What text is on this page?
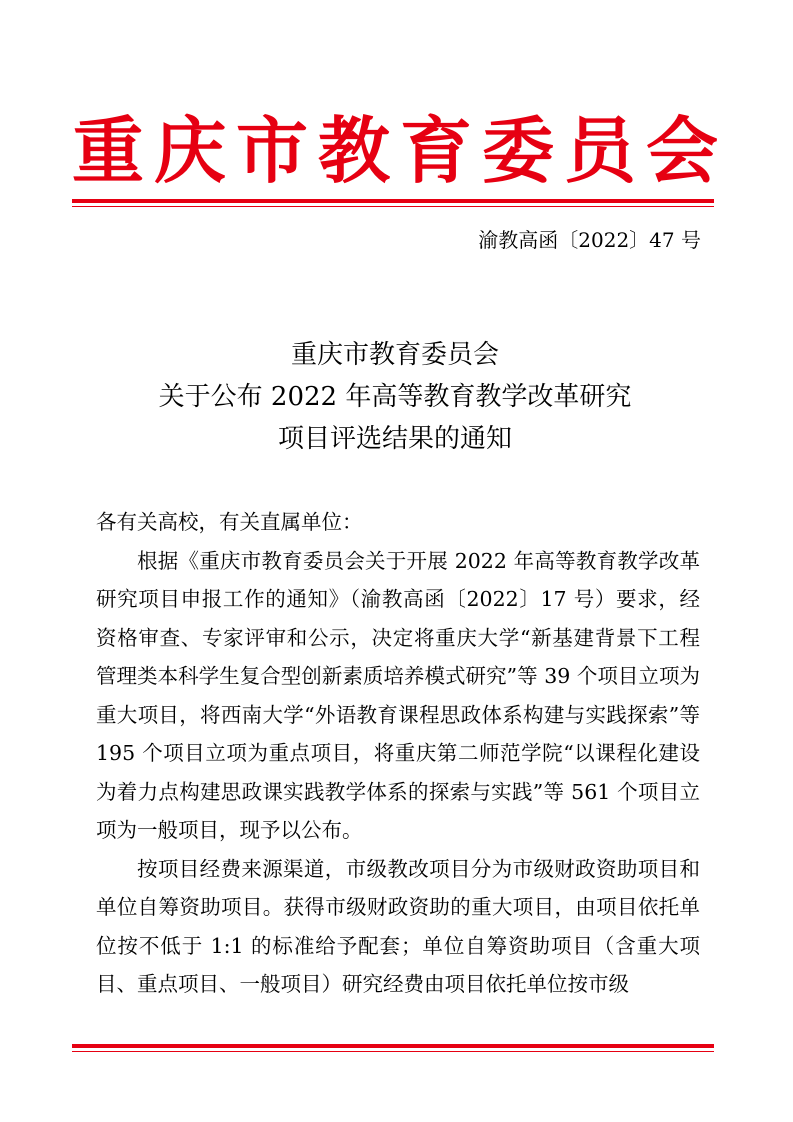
重庆市教育委员会
渝教高函〔2022〕47 号
重庆市教育委员会
关于公布 2022 年高等教育教学改革研究
项目评选结果的通知

各有关高校，有关直属单位：

根据《重庆市教育委员会关于开展 2022 年高等教育教学改革研究项目申报工作的通知》（渝教高函〔2022〕17 号）要求，经资格审查、专家评审和公示，决定将重庆大学“新基建背景下工程管理类本科学生复合型创新素质培养模式研究”等 39 个项目立项为重大项目，将西南大学“外语教育课程思政体系构建与实践探索”等 195 个项目立项为重点项目，将重庆第二师范学院“以课程化建设为着力点构建思政课实践教学体系的探索与实践”等 561 个项目立项为一般项目，现予以公布。

按项目经费来源渠道，市级教改项目分为市级财政资助项目和单位自筹资助项目。获得市级财政资助的重大项目，由项目依托单位按不低于 1:1 的标准给予配套；单位自筹资助项目（含重大项目、重点项目、一般项目）研究经费由项目依托单位按市级
